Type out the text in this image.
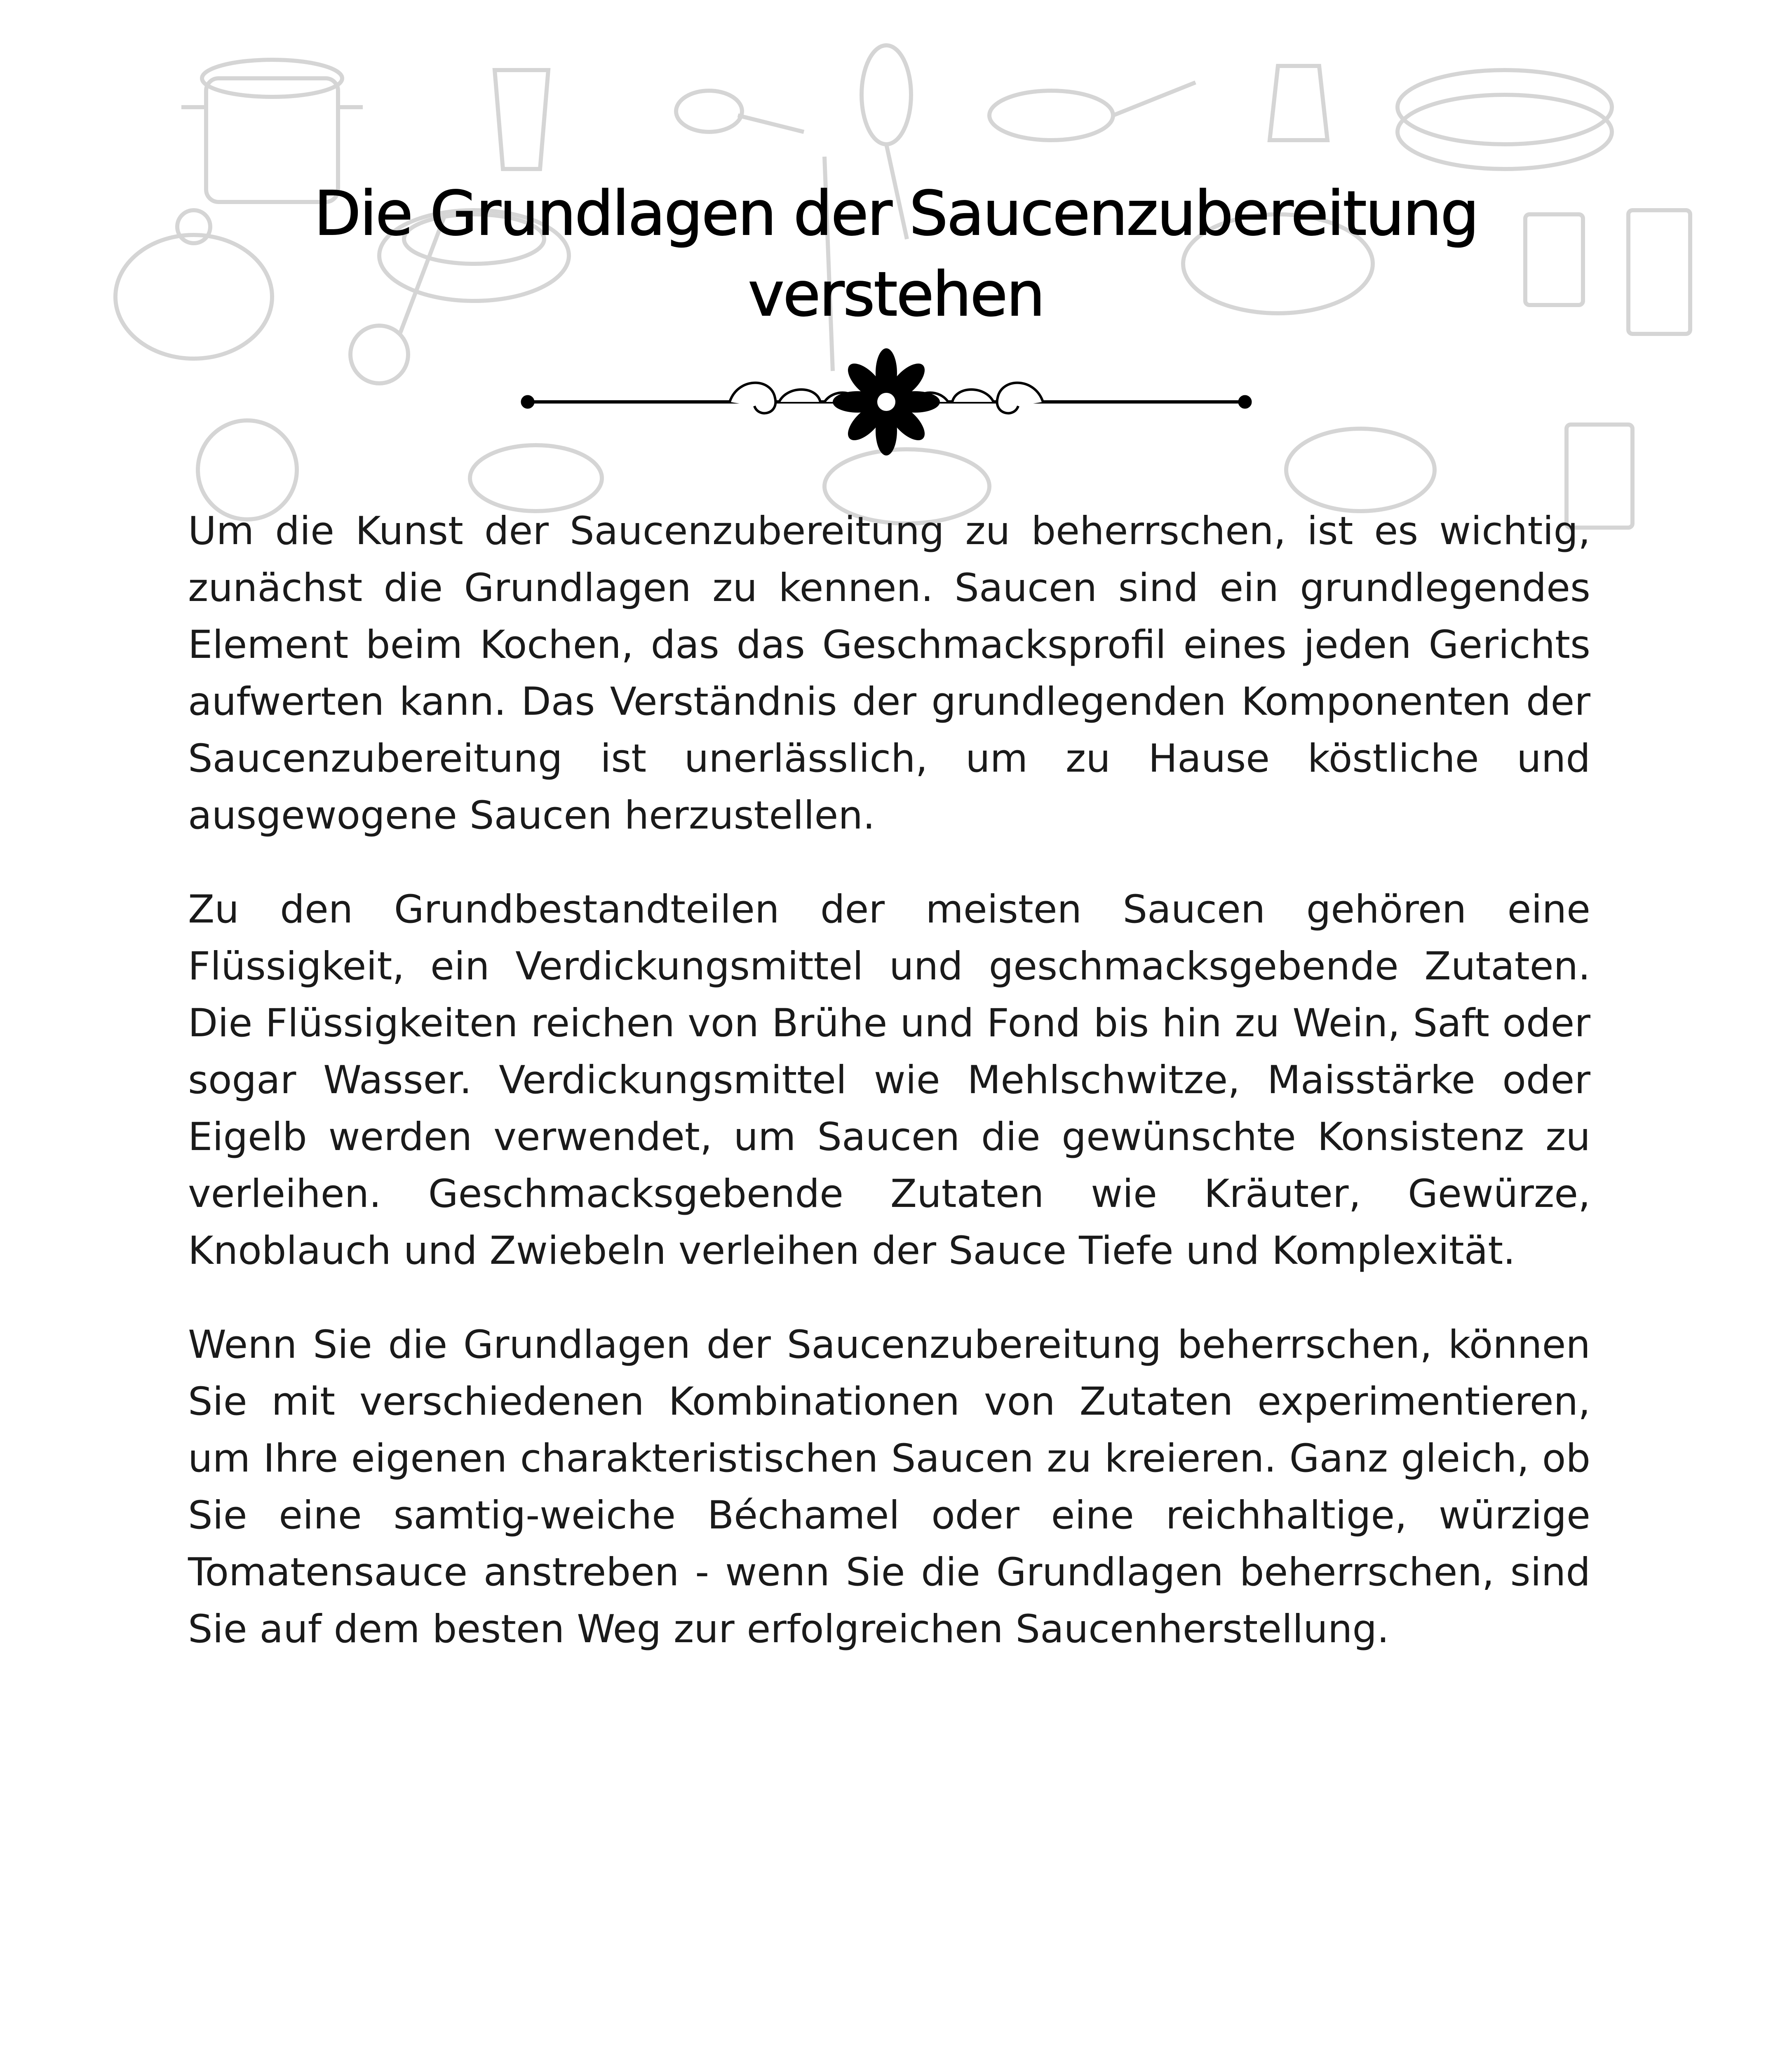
Die Grundlagen der Saucenzubereitung verstehen

Um die Kunst der Saucenzubereitung zu beherrschen, ist es wichtig, zunächst die Grundlagen zu kennen. Saucen sind ein grundlegendes Element beim Kochen, das das Geschmacksprofil eines jeden Gerichts aufwerten kann. Das Verständnis der grundlegenden Komponenten der Saucenzubereitung ist unerlässlich, um zu Hause köstliche und ausgewogene Saucen herzustellen.

Zu den Grundbestandteilen der meisten Saucen gehören eine Flüssigkeit, ein Verdickungsmittel und geschmacksgebende Zutaten. Die Flüssigkeiten reichen von Brühe und Fond bis hin zu Wein, Saft oder sogar Wasser. Verdickungsmittel wie Mehlschwitze, Maisstärke oder Eigelb werden verwendet, um Saucen die gewünschte Konsistenz zu verleihen. Geschmacksgebende Zutaten wie Kräuter, Gewürze, Knoblauch und Zwiebeln verleihen der Sauce Tiefe und Komplexität.

Wenn Sie die Grundlagen der Saucenzubereitung beherrschen, können Sie mit verschiedenen Kombinationen von Zutaten experimentieren, um Ihre eigenen charakteristischen Saucen zu kreieren. Ganz gleich, ob Sie eine samtig-weiche Béchamel oder eine reichhaltige, würzige Tomatensauce anstreben - wenn Sie die Grundlagen beherrschen, sind Sie auf dem besten Weg zur erfolgreichen Saucenherstellung.
